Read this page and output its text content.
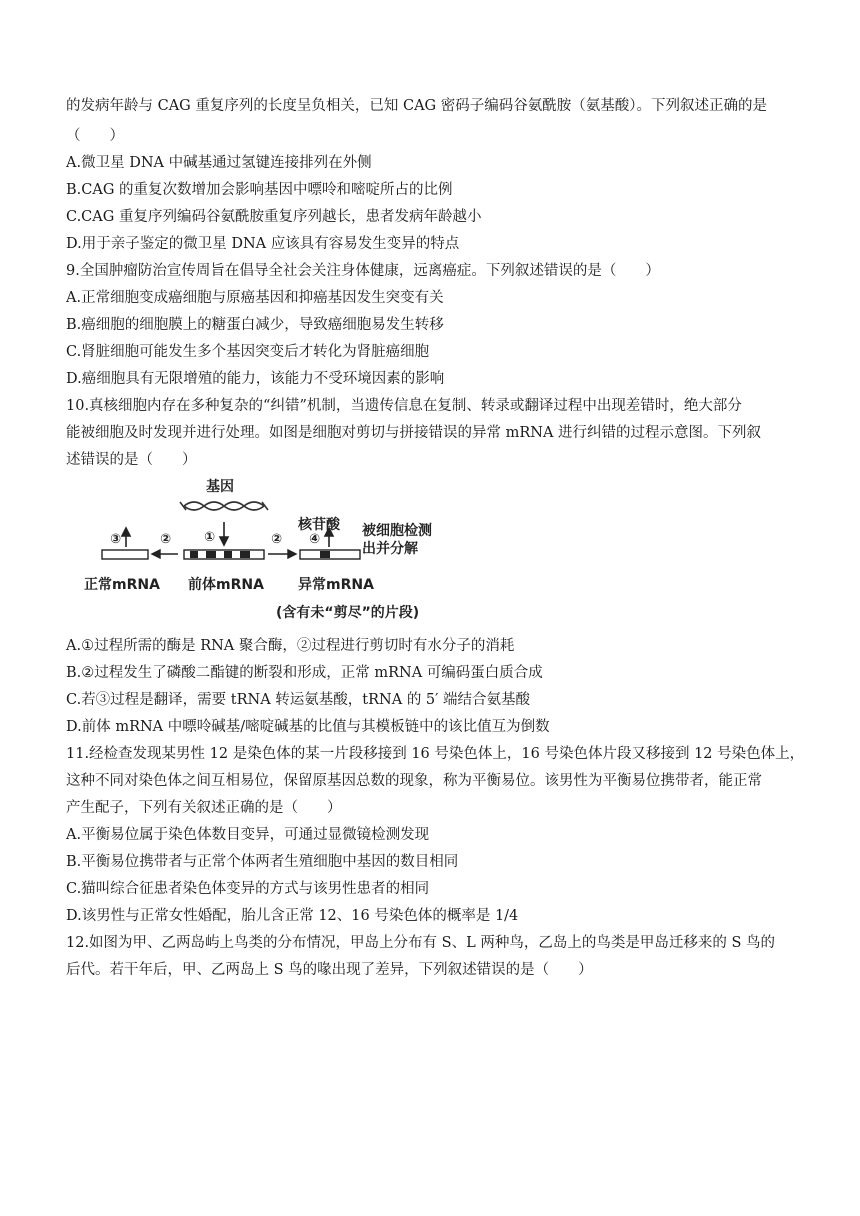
的发病年龄与 CAG 重复序列的长度呈负相关，已知 CAG 密码子编码谷氨酰胺（氨基酸）。下列叙述正确的是
（　　）
A.微卫星 DNA 中碱基通过氢键连接排列在外侧
B.CAG 的重复次数增加会影响基因中嘌呤和嘧啶所占的比例
C.CAG 重复序列编码谷氨酰胺重复序列越长，患者发病年龄越小
D.用于亲子鉴定的微卫星 DNA 应该具有容易发生变异的特点
9.全国肿瘤防治宣传周旨在倡导全社会关注身体健康，远离癌症。下列叙述错误的是（　　）
A.正常细胞变成癌细胞与原癌基因和抑癌基因发生突变有关
B.癌细胞的细胞膜上的糖蛋白减少，导致癌细胞易发生转移
C.肾脏细胞可能发生多个基因突变后才转化为肾脏癌细胞
D.癌细胞具有无限增殖的能力，该能力不受环境因素的影响
10.真核细胞内存在多种复杂的“纠错”机制，当遗传信息在复制、转录或翻译过程中出现差错时，绝大部分
能被细胞及时发现并进行处理。如图是细胞对剪切与拼接错误的异常 mRNA 进行纠错的过程示意图。下列叙
述错误的是（　　）
基因
核苷酸 被细胞检测
出并分解
③	②	①	② ④
正常mRNA 前体mRNA 异常mRNA
(含有未“剪尽”的片段)
A.①过程所需的酶是 RNA 聚合酶，②过程进行剪切时有水分子的消耗
B.②过程发生了磷酸二酯键的断裂和形成，正常 mRNA 可编码蛋白质合成
C.若③过程是翻译，需要 tRNA 转运氨基酸，tRNA 的 5′ 端结合氨基酸
D.前体 mRNA 中嘌呤碱基/嘧啶碱基的比值与其模板链中的该比值互为倒数
11.经检查发现某男性 12 是染色体的某一片段移接到 16 号染色体上，16 号染色体片段又移接到 12 号染色体上，
这种不同对染色体之间互相易位，保留原基因总数的现象，称为平衡易位。该男性为平衡易位携带者，能正常
产生配子，下列有关叙述正确的是（　　）
A.平衡易位属于染色体数目变异，可通过显微镜检测发现
B.平衡易位携带者与正常个体两者生殖细胞中基因的数目相同
C.猫叫综合征患者染色体变异的方式与该男性患者的相同
D.该男性与正常女性婚配，胎儿含正常 12、16 号染色体的概率是 1/4
12.如图为甲、乙两岛屿上鸟类的分布情况，甲岛上分布有 S、L 两种鸟，乙岛上的鸟类是甲岛迁移来的 S 鸟的
后代。若干年后，甲、乙两岛上 S 鸟的喙出现了差异，下列叙述错误的是（　　）
